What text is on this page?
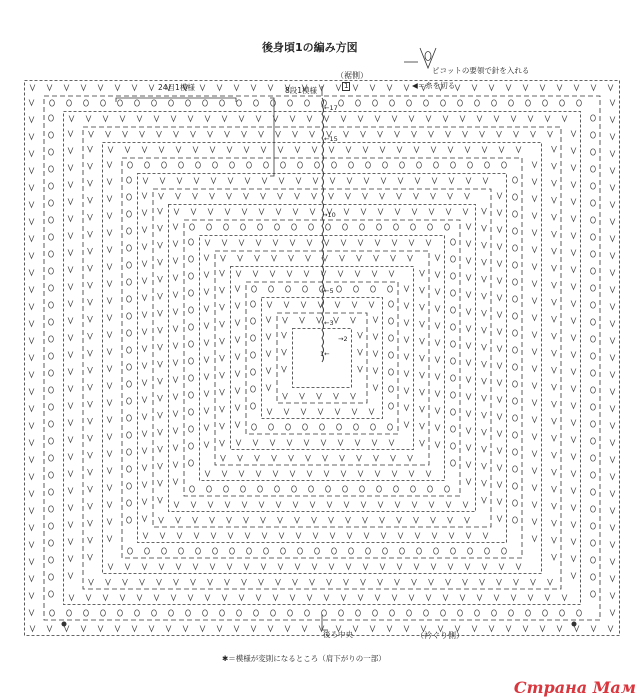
後身頃1の編み方図
ピコットの要領で針を入れる
◀＝糸を切る
（裾側）
1
24目1模様	8段1模様
←17
←15
→10
←5
←3
→2
1←
後ろ中央	（衿ぐり側）
✱＝模様が変則になるところ（肩下がりの一部）
Страна Мам
